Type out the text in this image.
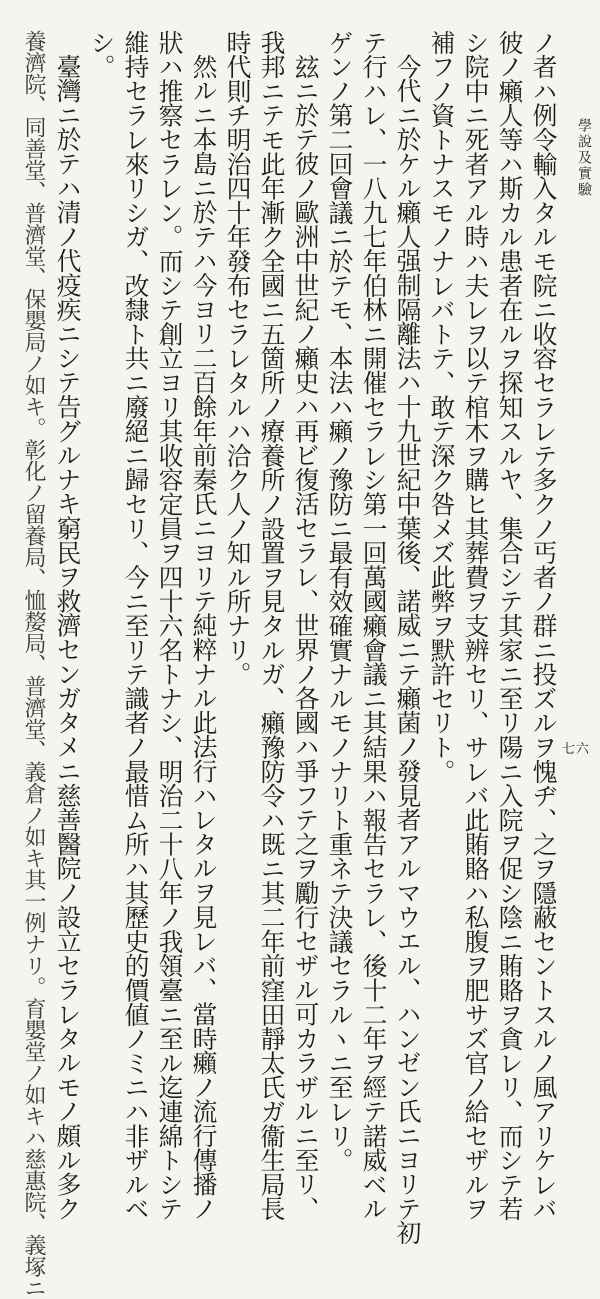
學說及實驗
七六
ノ者ハ例令輸入タルモ院ニ收容セラレテ多クノ丐者ノ群ニ投ズルヲ愧ヂ、之ヲ隱蔽セントスルノ風アリケレバ
彼ノ癩人等ハ斯カル患者在ルヲ探知スルヤ、集合シテ其家ニ至リ陽ニ入院ヲ促シ陰ニ賄賂ヲ貪レリ、而シテ若
シ院中ニ死者アル時ハ夫レヲ以テ棺木ヲ購ヒ其葬費ヲ支辨セリ、サレバ此賄賂ハ私腹ヲ肥サズ官ノ給セザルヲ
補フノ資トナスモノナレバトテ、敢テ深ク咎メズ此弊ヲ默許セリト。
今代ニ於ケル癩人强制隔離法ハ十九世紀中葉後、諾威ニテ癩菌ノ發見者アルマウエル、ハンゼン氏ニヨリテ初
テ行ハレ、一八九七年伯林ニ開催セラレシ第一回萬國癩會議ニ其結果ハ報告セラレ、後十二年ヲ經テ諾威ベル
ゲンノ第二回會議ニ於テモ、本法ハ癩ノ豫防ニ最有效確實ナルモノナリト重ネテ決議セラルヽニ至レリ。
玆ニ於テ彼ノ歐洲中世紀ノ癩史ハ再ビ復活セラレ、世界ノ各國ハ爭フテ之ヲ勵行セザル可カラザルニ至リ、
我邦ニテモ此年漸ク全國ニ五箇所ノ療養所ノ設置ヲ見タルガ、癩豫防令ハ既ニ其二年前窪田靜太氏ガ衞生局長
時代則チ明治四十年發布セラレタルハ洽ク人ノ知ル所ナリ。
然ルニ本島ニ於テハ今ヨリ二百餘年前秦氏ニヨリテ純粹ナル此法行ハレタルヲ見レバ、當時癩ノ流行傳播ノ
狀ハ推察セラレン。而シテ創立ヨリ其收容定員ヲ四十六名トナシ、明治二十八年ノ我領臺ニ至ル迄連綿トシテ
維持セラレ來リシガ、改隸ト共ニ廢絕ニ歸セリ、今ニ至リテ識者ノ最惜ム所ハ其歷史的價値ノミニハ非ザルベ
シ。
臺灣ニ於テハ清ノ代疫疾ニシテ告グルナキ窮民ヲ救濟センガタメニ慈善醫院ノ設立セラレタルモノ頗ル多ク
養濟院、同善堂、普濟堂、保嬰局ノ如キ。彰化ノ留養局、恤嫠局、普濟堂、義倉ノ如キ其一例ナリ。育嬰堂ノ如キハ慈惠院、義塚ニ
